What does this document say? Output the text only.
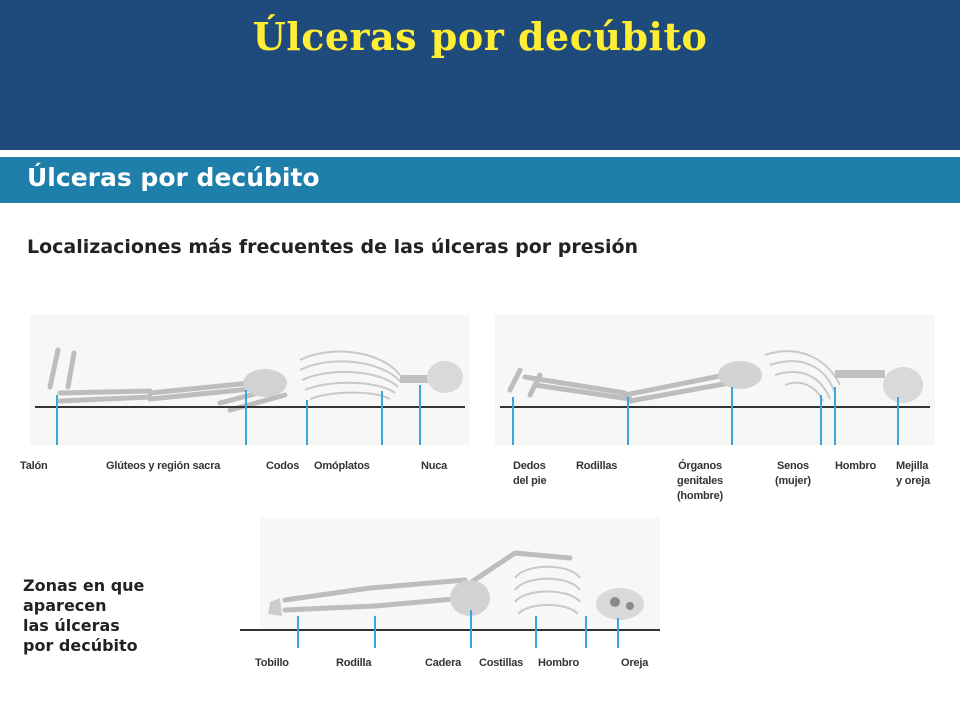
Úlceras por decúbito
Úlceras por decúbito

Localizaciones más frecuentes de las úlceras por presión

Talón	Glúteos y región sacra	Codos Omóplatos	Nuca	Dedos
del pie
Rodillas	Órganos
genitales
(hombre)
Senos
(mujer)
Hombro Mejilla
y oreja
Tobillo	Rodilla	Cadera Costillas Hombro	Oreja
Zonas en que
aparecen
las úlceras
por decúbito
